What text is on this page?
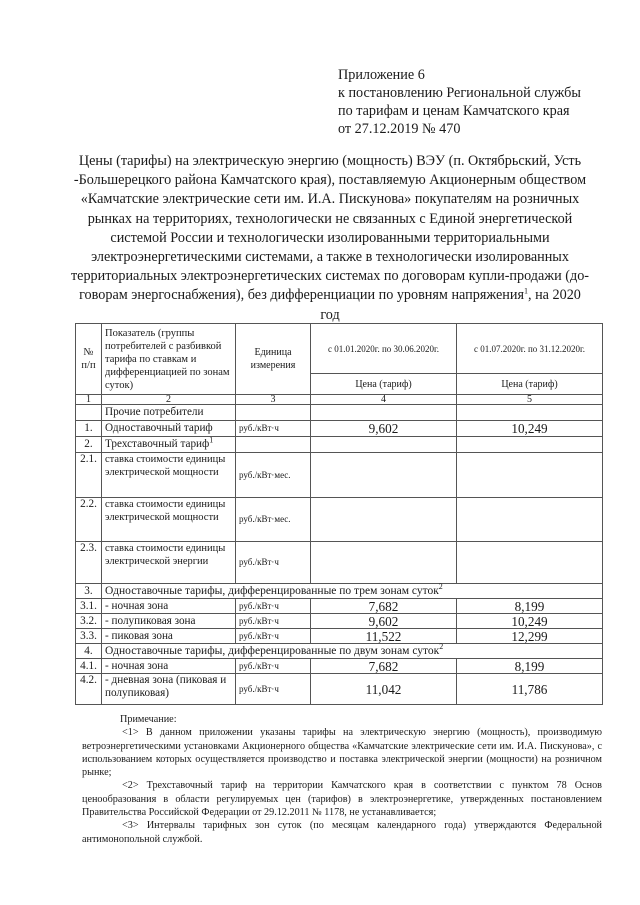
Приложение 6
к постановлению Региональной службы
по тарифам и ценам Камчатского края
от 27.12.2019 № 470
Цены (тарифы) на электрическую энергию (мощность) ВЭУ (п. Октябрьский, Усть -Большерецкого района Камчатского края), поставляемую Акционерным обществом «Камчатские электрические сети им. И.А. Пискунова» покупателям на розничных рынках на территориях, технологически не связанных с Единой энергетической системой России и технологически изолированными территориальными электроэнергетическими системами, а также в технологически изолированных территориальных электроэнергетических системах по договорам купли-продажи (до-говорам энергоснабжения), без дифференциации по уровням напряжения$^1$, на 2020 год
№ п/п	Показатель (группы потребителей с разбивкой тарифа по ставкам и дифференциацией по зонам суток)	Единица измерения	с 01.01.2020г. по 30.06.2020г.	с 01.07.2020г. по 31.12.2020г.
			Цена (тариф)	Цена (тариф)
1	2	3	4	5
	Прочие потребители			
1.	Одноставочный тариф	руб./кВт·ч	9,602	10,249
2.	Трехставочный тариф$^1$			
2.1.	ставка стоимости единицы электрической мощности	руб./кВт·мес.		
2.2.	ставка стоимости единицы электрической мощности	руб./кВт·мес.		
2.3.	ставка стоимости единицы электрической энергии	руб./кВт·ч		
3.	Одноставочные тарифы, дифференцированные по трем зонам суток$^2$
3.1.	- ночная зона	руб./кВт·ч	7,682	8,199
3.2.	- полупиковая зона	руб./кВт·ч	9,602	10,249
3.3.	- пиковая зона	руб./кВт·ч	11,522	12,299
4.	Одноставочные тарифы, дифференцированные по двум зонам суток$^2$
4.1.	- ночная зона	руб./кВт·ч	7,682	8,199
4.2.	- дневная зона (пиковая и полупиковая)	руб./кВт·ч	11,042	11,786

Примечание:

<1> В данном приложении указаны тарифы на электрическую энергию (мощность), производимую ветроэнергетическими установками Акционерного общества «Камчатские электрические сети им. И.А. Пискунова», с использованием которых осуществляется производство и поставка электрической энергии (мощности) на розничном рынке;

<2> Трехставочный тариф на территории Камчатского края в соответствии с пунктом 78 Основ ценообразования в области регулируемых цен (тарифов) в электроэнергетике, утвержденных постановлением Правительства Российской Федерации от 29.12.2011 № 1178, не устанавливается;

<3> Интервалы тарифных зон суток (по месяцам календарного года) утверждаются Федеральной антимонопольной службой.
